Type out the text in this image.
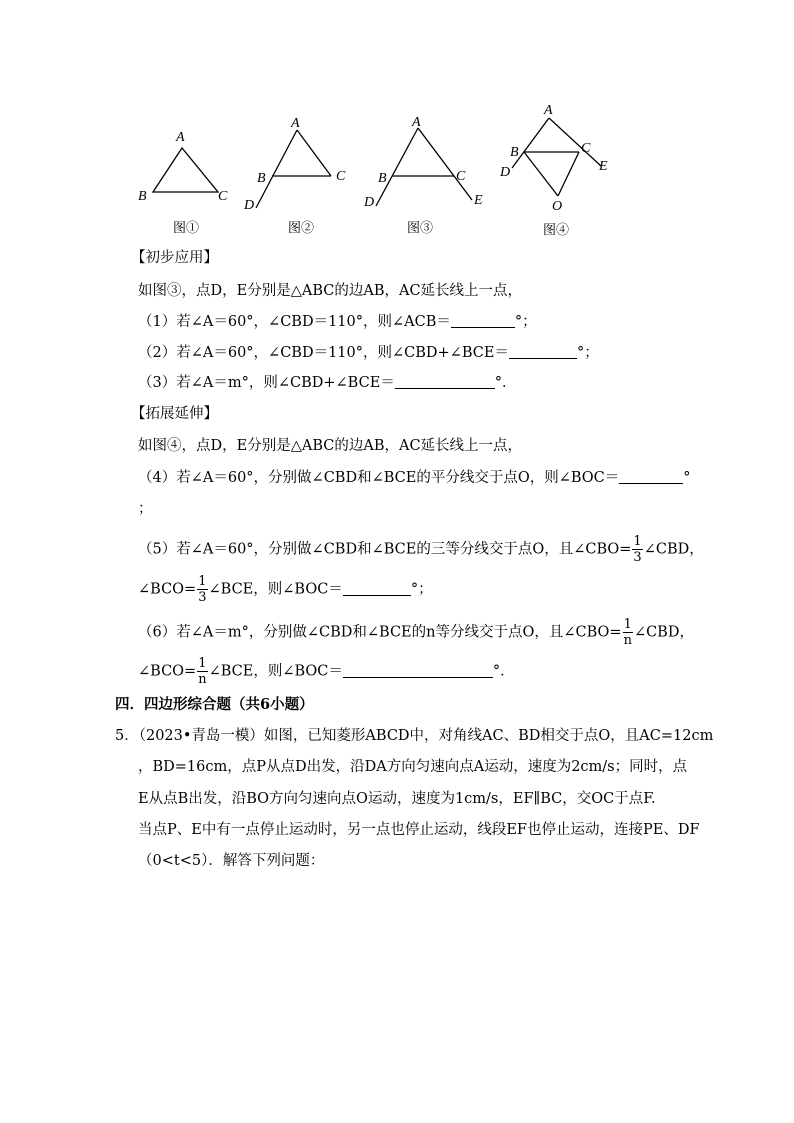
A
B	C
A
B	C
D
A
B	C
D	E
A
B	C
D	E
O
图①	图②	图③	图④
【初步应用】
如图③，点D，E分别是△ABC的边AB，AC延长线上一点，
（1）若∠A＝60°，∠CBD＝110°，则∠ACB＝	°；
（2）若∠A＝60°，∠CBD＝110°，则∠CBD+∠BCE＝	°；
（3）若∠A＝m°，则∠CBD+∠BCE＝	°．
【拓展延伸】
如图④，点D，E分别是△ABC的边AB，AC延长线上一点，
（4）若∠A＝60°，分别做∠CBD和∠BCE的平分线交于点O，则∠BOC＝	°
；
（5）若∠A＝60°，分别做∠CBD和∠BCE的三等分线交于点O，且∠CBO= $\frac{1}{3}$ ∠CBD，
∠BCO= $\frac{1}{3}$ ∠BCE，则∠BOC＝	°；
（6）若∠A＝m°，分别做∠CBD和∠BCE的n等分线交于点O，且∠CBO= $\frac{1}{n}$ ∠CBD，
∠BCO= $\frac{1}{n}$ ∠BCE，则∠BOC＝	°．
四．四边形综合题（共6小题）
5．（2023•青岛一模）如图，已知菱形ABCD中，对角线AC、BD相交于点O，且AC=12cm
，BD=16cm，点P从点D出发，沿DA方向匀速向点A运动，速度为2cm/s；同时，点
E从点B出发，沿BO方向匀速向点O运动，速度为1cm/s，EF∥BC，交OC于点F.
当点P、E中有一点停止运动时，另一点也停止运动，线段EF也停止运动，连接PE、DF
（0<t<5）．解答下列问题：
